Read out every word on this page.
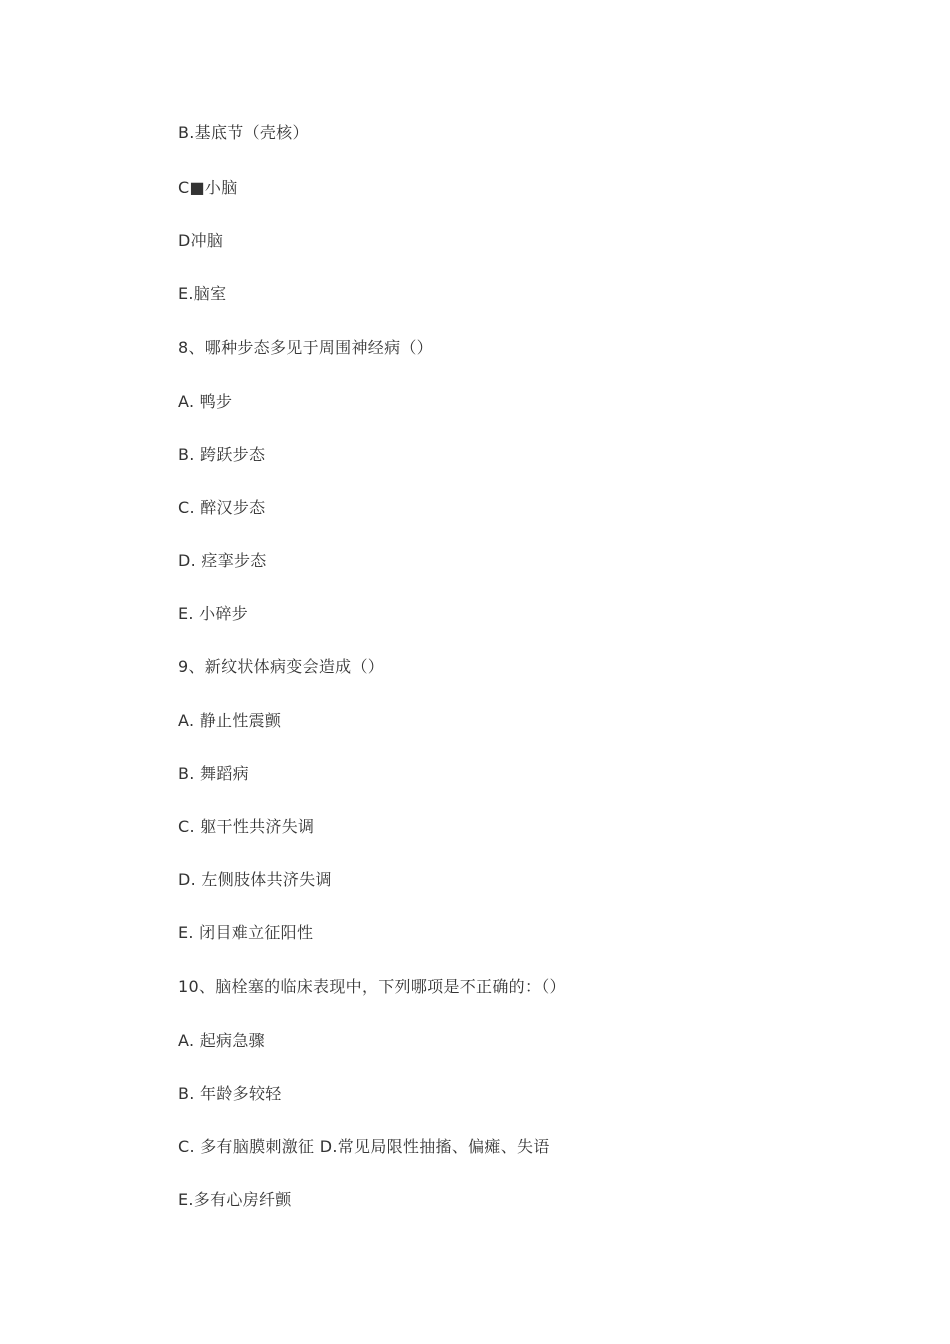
B.基底节（壳核）
C■小脑
D冲脑
E.脑室
8、哪种步态多见于周围神经病（）
A. 鸭步
B. 跨跃步态
C. 醉汉步态
D. 痉挛步态
E. 小碎步
9、新纹状体病变会造成（）
A. 静止性震颤
B. 舞蹈病
C. 躯干性共济失调
D. 左侧肢体共济失调
E. 闭目难立征阳性
10、脑栓塞的临床表现中，下列哪项是不正确的：（）
A. 起病急骤
B. 年龄多较轻
C. 多有脑膜刺激征 D.常见局限性抽搐、偏瘫、失语
E.多有心房纤颤
